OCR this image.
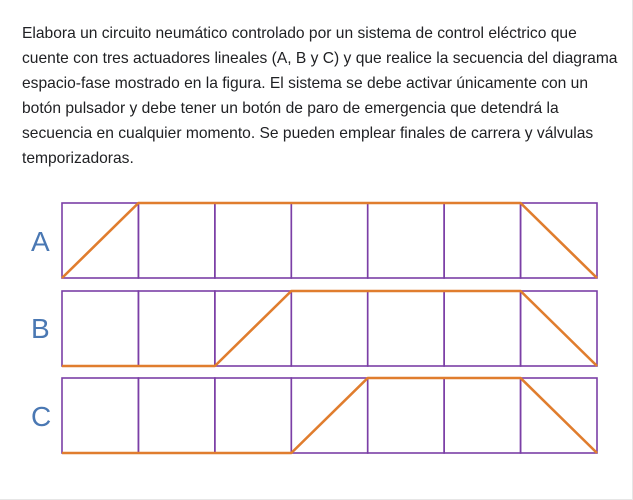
Elabora un circuito neumático controlado por un sistema de control eléctrico que cuente con tres actuadores lineales (A, B y C) y que realice la secuencia del diagrama espacio-fase mostrado en la figura. El sistema se debe activar únicamente con un botón pulsador y debe tener un botón de paro de emergencia que detendrá la secuencia en cualquier momento. Se pueden emplear finales de carrera y válvulas temporizadoras.

A
B
C
